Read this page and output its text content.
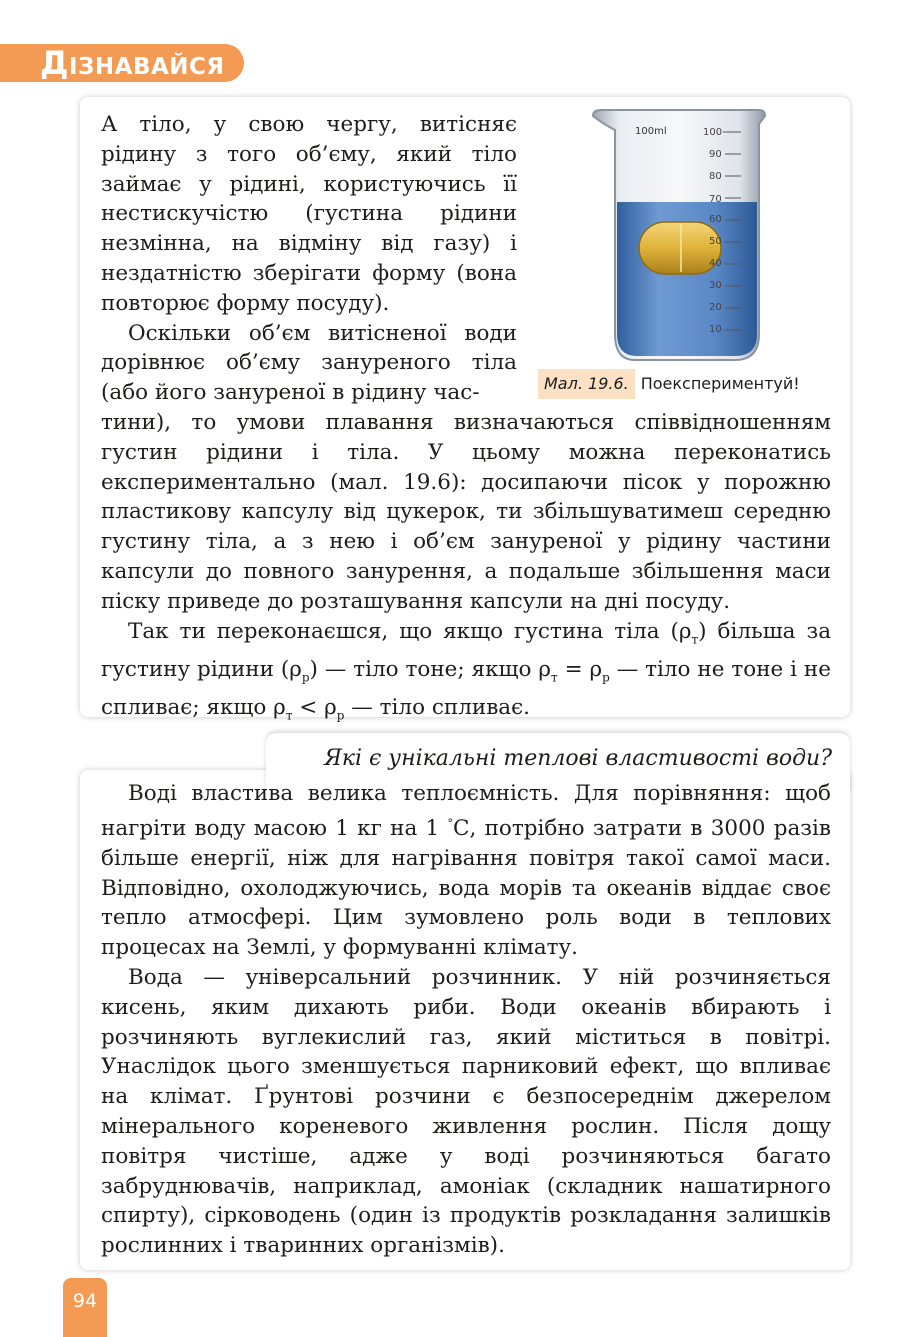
ДІЗНАВАЙСЯ

А тіло, у свою чергу, витісняє рідину з того об’єму, який тіло займає у рідині, користуючись її нестискучістю (густина рідини незмінна, на відміну від газу) і нездатністю зберігати форму (вона повторює форму посуду).

Оскільки об’єм витісненої води дорівнює об’єму зануреного тіла (або його зануреної в рідину час-

тини), то умови плавання визначаються співвідношенням густин рідини і тіла. У цьому можна переконатись експериментально (мал. 19.6): досипаючи пісок у порожню пластикову капсулу від цукерок, ти збільшуватимеш середню густину тіла, а з нею і об’єм зануреної у рідину частини капсули до повного занурення, а подальше збільшення маси піску приведе до розташування капсули на дні посуду.

Так ти переконаєшся, що якщо густина тіла $(\rho_т)$ більша за густину рідини $(\rho_р)$ — тіло тоне; якщо $\rho_т = \rho_р$ — тіло не тоне і не спливає; якщо $\rho_т < \rho_р$ — тіло спливає.

100ml	100
90
80
70
60
50
40
30
20
10
Мал. 19.6. Поекспериментуй!
Які є унікальні теплові властивості води?

Воді властива велика теплоємність. Для порівняння: щоб нагріти воду масою 1 кг на 1 °С, потрібно затрати в 3000 разів більше енергії, ніж для нагрівання повітря такої самої маси. Відповідно, охолоджуючись, вода морів та океанів віддає своє тепло атмосфері. Цим зумовлено роль води в теплових процесах на Землі, у формуванні клімату.

Вода — універсальний розчинник. У ній розчиняється кисень, яким дихають риби. Води океанів вбирають і розчиняють вуглекислий газ, який міститься в повітрі. Унаслідок цього зменшується парниковий ефект, що впливає на клімат. Ґрунтові розчини є безпосереднім джерелом мінерального кореневого живлення рослин. Після дощу повітря чистіше, адже у воді розчиняються багато забруднювачів, наприклад, амоніак (складник нашатирного спирту), сірководень (один із продуктів розкладання залишків рослинних і тваринних організмів).

94
